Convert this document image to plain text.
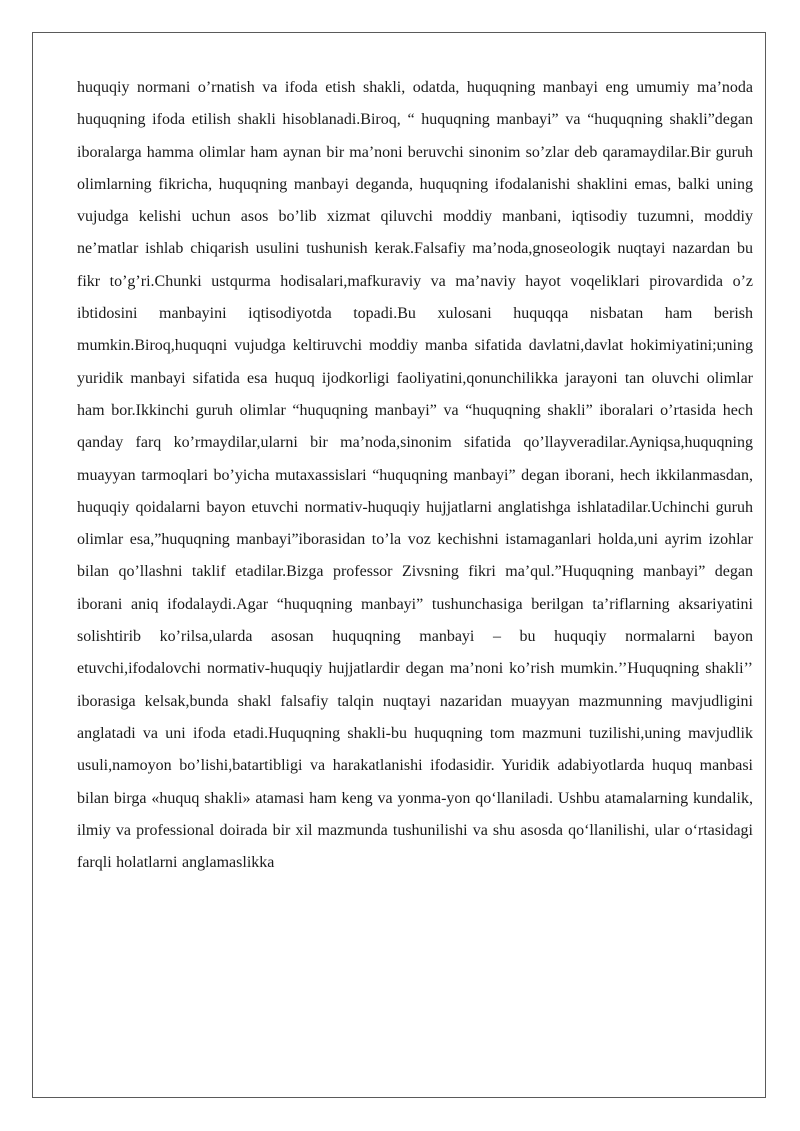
huquqiy normani o’rnatish va ifoda etish shakli, odatda, huquqning manbayi eng umumiy ma’noda huquqning ifoda etilish shakli hisoblanadi.Biroq, “ huquqning manbayi” va “huquqning shakli”degan iboralarga hamma olimlar ham aynan bir ma’noni beruvchi sinonim so’zlar deb qaramaydilar.Bir guruh olimlarning fikricha, huquqning manbayi deganda, huquqning ifodalanishi shaklini emas, balki uning vujudga kelishi uchun asos bo’lib xizmat qiluvchi moddiy manbani, iqtisodiy tuzumni, moddiy ne’matlar ishlab chiqarish usulini tushunish kerak.Falsafiy ma’noda,gnoseologik nuqtayi nazardan bu fikr to’g’ri.Chunki ustqurma hodisalari,mafkuraviy va ma’naviy hayot voqeliklari pirovardida o’z ibtidosini manbayini iqtisodiyotda topadi.Bu xulosani huquqqa nisbatan ham berish mumkin.Biroq,huquqni vujudga keltiruvchi moddiy manba sifatida davlatni,davlat hokimiyatini;uning yuridik manbayi sifatida esa huquq ijodkorligi faoliyatini,qonunchilikka jarayoni tan oluvchi olimlar ham bor.Ikkinchi guruh olimlar “huquqning manbayi” va “huquqning shakli” iboralari o’rtasida hech qanday farq ko’rmaydilar,ularni bir ma’noda,sinonim sifatida qo’llayveradilar.Ayniqsa,huquqning muayyan tarmoqlari bo’yicha mutaxassislari “huquqning manbayi” degan iborani, hech ikkilanmasdan, huquqiy qoidalarni bayon etuvchi normativ-huquqiy hujjatlarni anglatishga ishlatadilar.Uchinchi guruh olimlar esa,”huquqning manbayi”iborasidan to’la voz kechishni istamaganlari holda,uni ayrim izohlar bilan qo’llashni taklif etadilar.Bizga professor Zivsning fikri ma’qul.”Huquqning manbayi” degan iborani aniq ifodalaydi.Agar “huquqning manbayi” tushunchasiga berilgan ta’riflarning aksariyatini solishtirib ko’rilsa,ularda asosan huquqning manbayi – bu huquqiy normalarni bayon etuvchi,ifodalovchi normativ-huquqiy hujjatlardir degan ma’noni ko’rish mumkin.’’Huquqning shakli’’ iborasiga kelsak,bunda shakl falsafiy talqin nuqtayi nazaridan muayyan mazmunning mavjudligini anglatadi va uni ifoda etadi.Huquqning shakli-bu huquqning tom mazmuni tuzilishi,uning mavjudlik usuli,namoyon bo’lishi,batartibligi va harakatlanishi ifodasidir. Yuridik adabiyotlarda huquq manbasi bilan birga «huquq shakli» atamasi ham keng va yonma-yon qo‘llaniladi. Ushbu atamalarning kundalik, ilmiy va professional doirada bir xil mazmunda tushunilishi va shu asosda qo‘llanilishi, ular o‘rtasidagi farqli holatlarni anglamaslikka
